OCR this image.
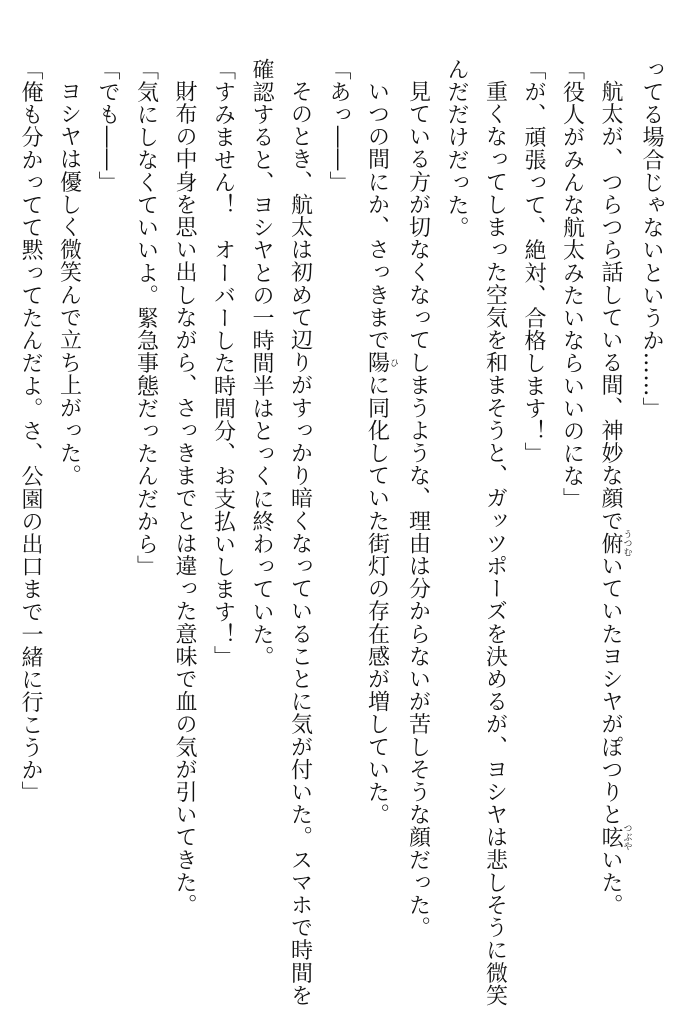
ってる場合じゃないというか……」
航太が、つらつら話している間、神妙な顔で俯うつむいていたヨシヤがぽつりと呟つぶやいた。
「役人がみんな航太みたいならいいのにな」
「が、頑張って、絶対、合格します！」
重くなってしまった空気を和まそうと、ガッツポーズを決めるが、ヨシヤは悲しそうに微笑
んだだけだった。
見ている方が切なくなってしまうような、理由は分からないが苦しそうな顔だった。
いつの間にか、さっきまで陽ひに同化していた街灯の存在感が増していた。
「あっ――」
そのとき、航太は初めて辺りがすっかり暗くなっていることに気が付いた。スマホで時間を
確認すると、ヨシヤとの一時間半はとっくに終わっていた。
「すみません！　オーバーした時間分、お支払いします！」
財布の中身を思い出しながら、さっきまでとは違った意味で血の気が引いてきた。
「気にしなくていいよ。緊急事態だったんだから」
「でも――」
ヨシヤは優しく微笑んで立ち上がった。
「俺も分かってて黙ってたんだよ。さ、公園の出口まで一緒に行こうか」
